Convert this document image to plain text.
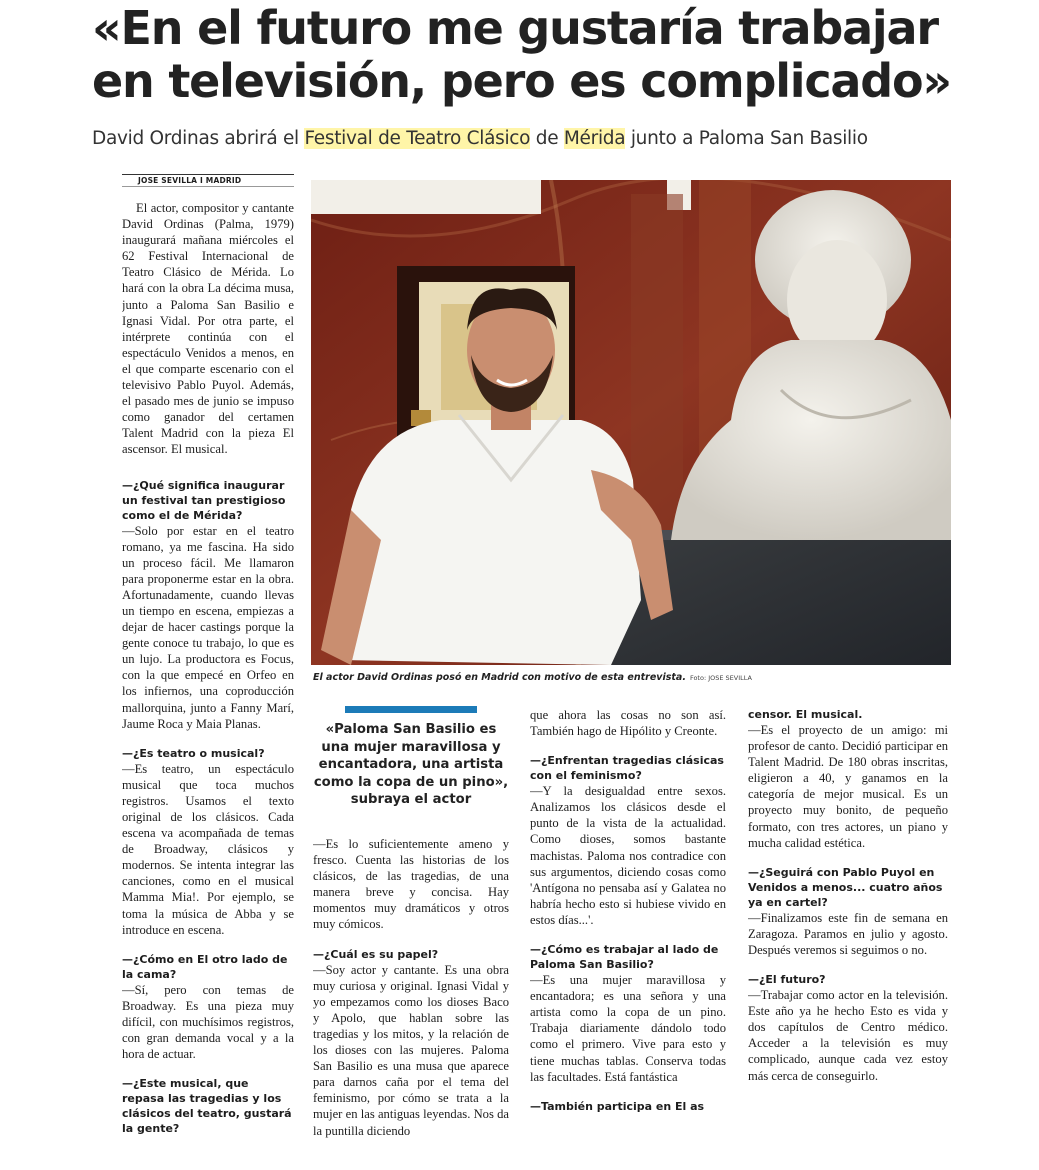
«En el futuro me gustaría trabajar
en televisión, pero es complicado»
David Ordinas abrirá el Festival de Teatro Clásico de Mérida junto a Paloma San Basilio
JOSE SEVILLA I MADRID

El actor, compositor y cantante David Ordinas (Palma, 1979) inaugurará mañana miércoles el 62 Festival Internacional de Teatro Clásico de Mérida. Lo hará con la obra La décima musa, junto a Paloma San Basilio e Ignasi Vidal. Por otra parte, el intérprete continúa con el espectáculo Venidos a menos, en el que comparte escenario con el televisivo Pablo Puyol. Además, el pasado mes de junio se impuso como ganador del certamen Talent Madrid con la pieza El ascensor. El musical.

—¿Qué significa inaugurar un festival tan prestigioso como el de Mérida?

—Solo por estar en el teatro romano, ya me fascina. Ha sido un proceso fácil. Me llamaron para proponerme estar en la obra. Afortunadamente, cuando llevas un tiempo en escena, empiezas a dejar de hacer castings porque la gente conoce tu trabajo, lo que es un lujo. La productora es Focus, con la que empecé en Orfeo en los infiernos, una coproducción mallorquina, junto a Fanny Marí, Jaume Roca y Maia Planas.

—¿Es teatro o musical?

—Es teatro, un espectáculo musical que toca muchos registros. Usamos el texto original de los clásicos. Cada escena va acompañada de temas de Broadway, clásicos y modernos. Se intenta integrar las canciones, como en el musical Mamma Mia!. Por ejemplo, se toma la música de Abba y se introduce en escena.

—¿Cómo en El otro lado de la cama?

—Sí, pero con temas de Broadway. Es una pieza muy difícil, con muchísimos registros, con gran demanda vocal y a la hora de actuar.

—¿Este musical, que repasa las tragedias y los clásicos del teatro, gustará la gente?

El actor David Ordinas posó en Madrid con motivo de esta entrevista. Foto: JOSE SEVILLA
«Paloma San Basilio es una mujer maravillosa y encantadora, una artista como la copa de un pino», subraya el actor

—Es lo suficientemente ameno y fresco. Cuenta las historias de los clásicos, de las tragedias, de una manera breve y concisa. Hay momentos muy dramáticos y otros muy cómicos.

—¿Cuál es su papel?

—Soy actor y cantante. Es una obra muy curiosa y original. Ignasi Vidal y yo empezamos como los dioses Baco y Apolo, que hablan sobre las tragedias y los mitos, y la relación de los dioses con las mujeres. Paloma San Basilio es una musa que aparece para darnos caña por el tema del feminismo, por cómo se trata a la mujer en las antiguas leyendas. Nos da la puntilla diciendo

que ahora las cosas no son así. También hago de Hipólito y Creonte.

—¿Enfrentan tragedias clásicas con el feminismo?

—Y la desigualdad entre sexos. Analizamos los clásicos desde el punto de la vista de la actualidad. Como dioses, somos bastante machistas. Paloma nos contradice con sus argumentos, diciendo cosas como 'Antígona no pensaba así y Galatea no habría hecho esto si hubiese vivido en estos días...'.

—¿Cómo es trabajar al lado de Paloma San Basilio?

—Es una mujer maravillosa y encantadora; es una señora y una artista como la copa de un pino. Trabaja diariamente dándolo todo como el primero. Vive para esto y tiene muchas tablas. Conserva todas las facultades. Está fantástica

—También participa en El as

censor. El musical.

—Es el proyecto de un amigo: mi profesor de canto. Decidió participar en Talent Madrid. De 180 obras inscritas, eligieron a 40, y ganamos en la categoría de mejor musical. Es un proyecto muy bonito, de pequeño formato, con tres actores, un piano y mucha calidad estética.

—¿Seguirá con Pablo Puyol en Venidos a menos... cuatro años ya en cartel?

—Finalizamos este fin de semana en Zaragoza. Paramos en julio y agosto. Después veremos si seguimos o no.

—¿El futuro?

—Trabajar como actor en la televisión. Este año ya he hecho Esto es vida y dos capítulos de Centro médico. Acceder a la televisión es muy complicado, aunque cada vez estoy más cerca de conseguirlo.
